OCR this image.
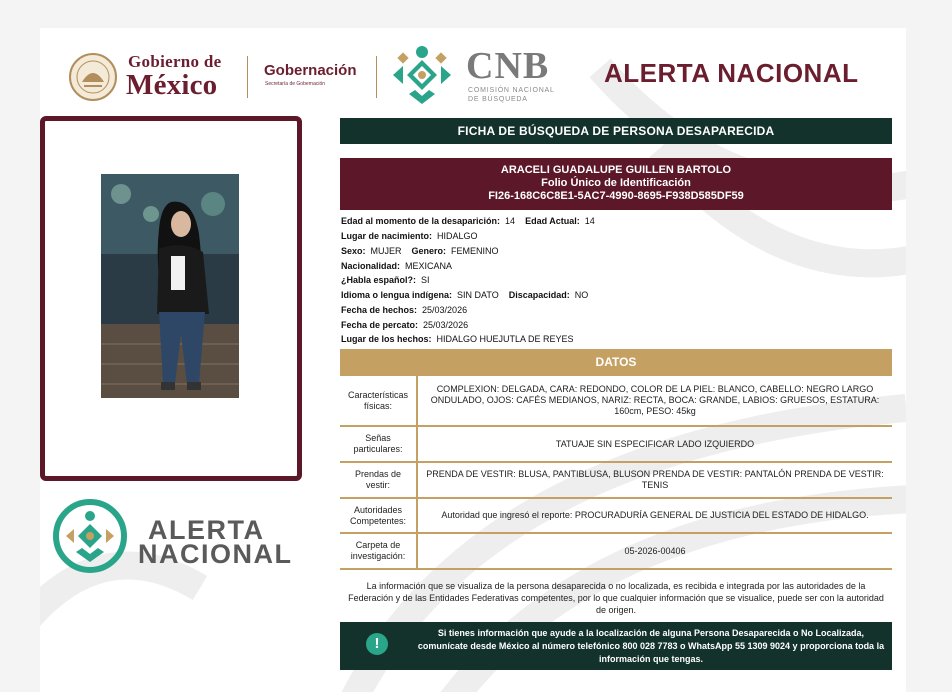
Gobierno de
México	Gobernación
Secretaría de Gobernación	CNB
COMISIÓN NACIONAL
DE BÚSQUEDA
ALERTA NACIONAL
ALERTA
NACIONAL
FICHA DE BÚSQUEDA DE PERSONA DESAPARECIDA
ARACELI GUADALUPE GUILLEN BARTOLO
Folio Único de Identificación
FI26-168C6C8E1-5AC7-4990-8695-F938D585DF59
Edad al momento de la desaparición: 14 Edad Actual: 14
Lugar de nacimiento: HIDALGO
Sexo: MUJER Genero: FEMENINO
Nacionalidad: MEXICANA
¿Habla español?: SI
Idioma o lengua indígena: SIN DATO Discapacidad: NO
Fecha de hechos: 25/03/2026
Fecha de percato: 25/03/2026
Lugar de los hechos: HIDALGO HUEJUTLA DE REYES
DATOS
Características físicas:	COMPLEXION: DELGADA, CARA: REDONDO, COLOR DE LA PIEL: BLANCO, CABELLO: NEGRO LARGO ONDULADO, OJOS: CAFÉS MEDIANOS, NARIZ: RECTA, BOCA: GRANDE, LABIOS: GRUESOS, ESTATURA: 160cm, PESO: 45kg
Señas particulares:	TATUAJE SIN ESPECIFICAR LADO IZQUIERDO
Prendas de vestir:	PRENDA DE VESTIR: BLUSA, PANTIBLUSA, BLUSON PRENDA DE VESTIR: PANTALÓN PRENDA DE VESTIR: TENIS
Autoridades Competentes:	Autoridad que ingresó el reporte: PROCURADURÍA GENERAL DE JUSTICIA DEL ESTADO DE HIDALGO.
Carpeta de investigación:	05-2026-00406
La información que se visualiza de la persona desaparecida o no localizada, es recibida e integrada por las autoridades de la Federación y de las Entidades Federativas competentes, por lo que cualquier información que se visualice, puede ser con la autoridad de origen.
!
Si tienes información que ayude a la localización de alguna Persona Desaparecida o No Localizada, comunícate desde México al número telefónico 800 028 7783 o WhatsApp 55 1309 9024 y proporciona toda la información que tengas.
